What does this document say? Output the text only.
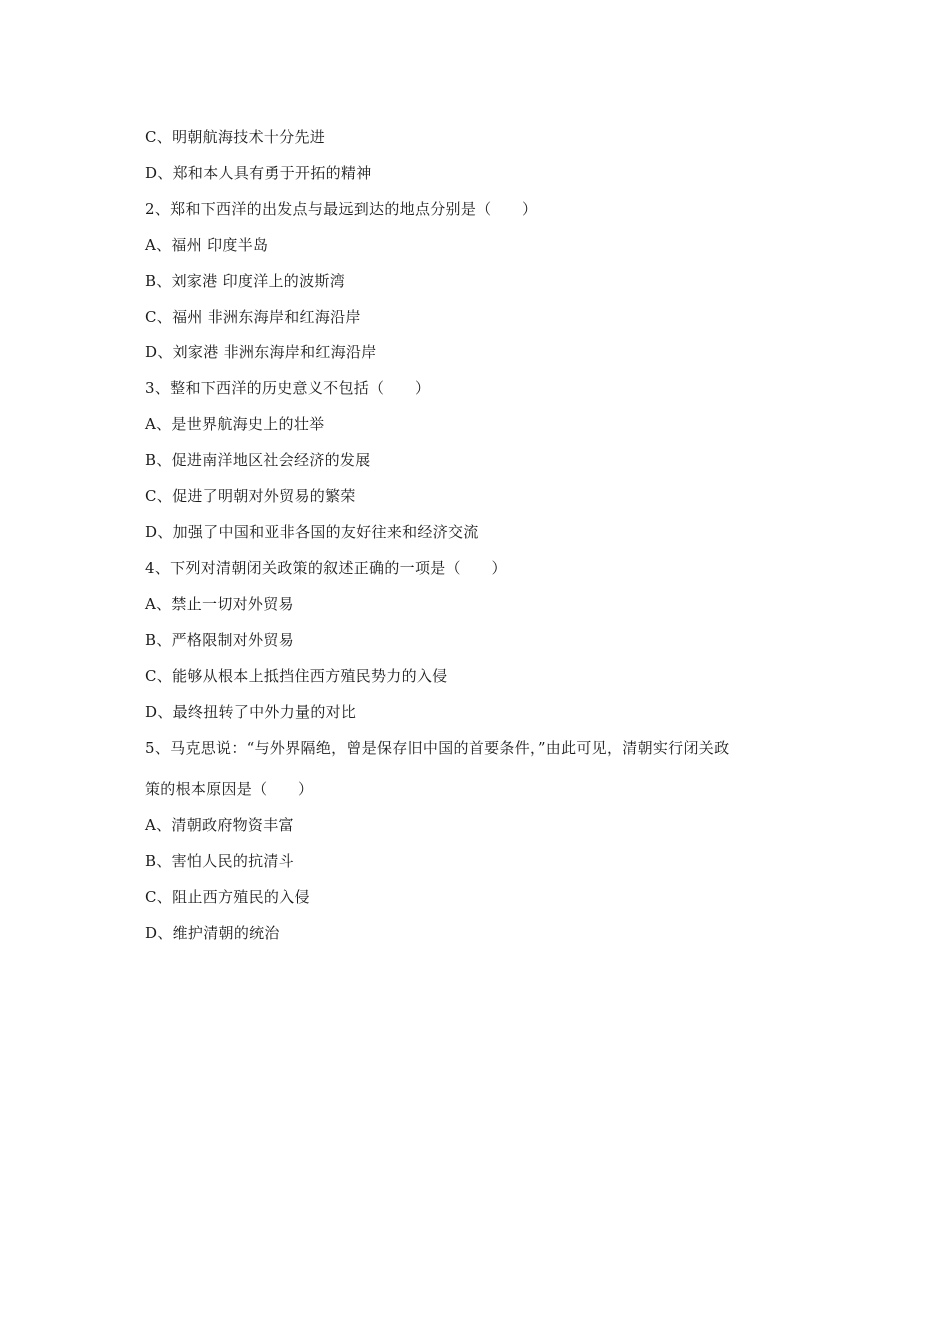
C、明朝航海技术十分先进
D、郑和本人具有勇于开拓的精神
2、郑和下西洋的出发点与最远到达的地点分别是（　　）
A、福州 印度半岛
B、刘家港 印度洋上的波斯湾
C、福州 非洲东海岸和红海沿岸
D、刘家港 非洲东海岸和红海沿岸
3、整和下西洋的历史意义不包括（　　）
A、是世界航海史上的壮举
B、促进南洋地区社会经济的发展
C、促进了明朝对外贸易的繁荣
D、加强了中国和亚非各国的友好往来和经济交流
4、下列对清朝闭关政策的叙述正确的一项是（　　）
A、禁止一切对外贸易
B、严格限制对外贸易
C、能够从根本上抵挡住西方殖民势力的入侵
D、最终扭转了中外力量的对比
5、马克思说：“与外界隔绝，曾是保存旧中国的首要条件，”由此可见，清朝实行闭关政
策的根本原因是（　　）
A、清朝政府物资丰富
B、害怕人民的抗清斗
C、阻止西方殖民的入侵
D、维护清朝的统治
